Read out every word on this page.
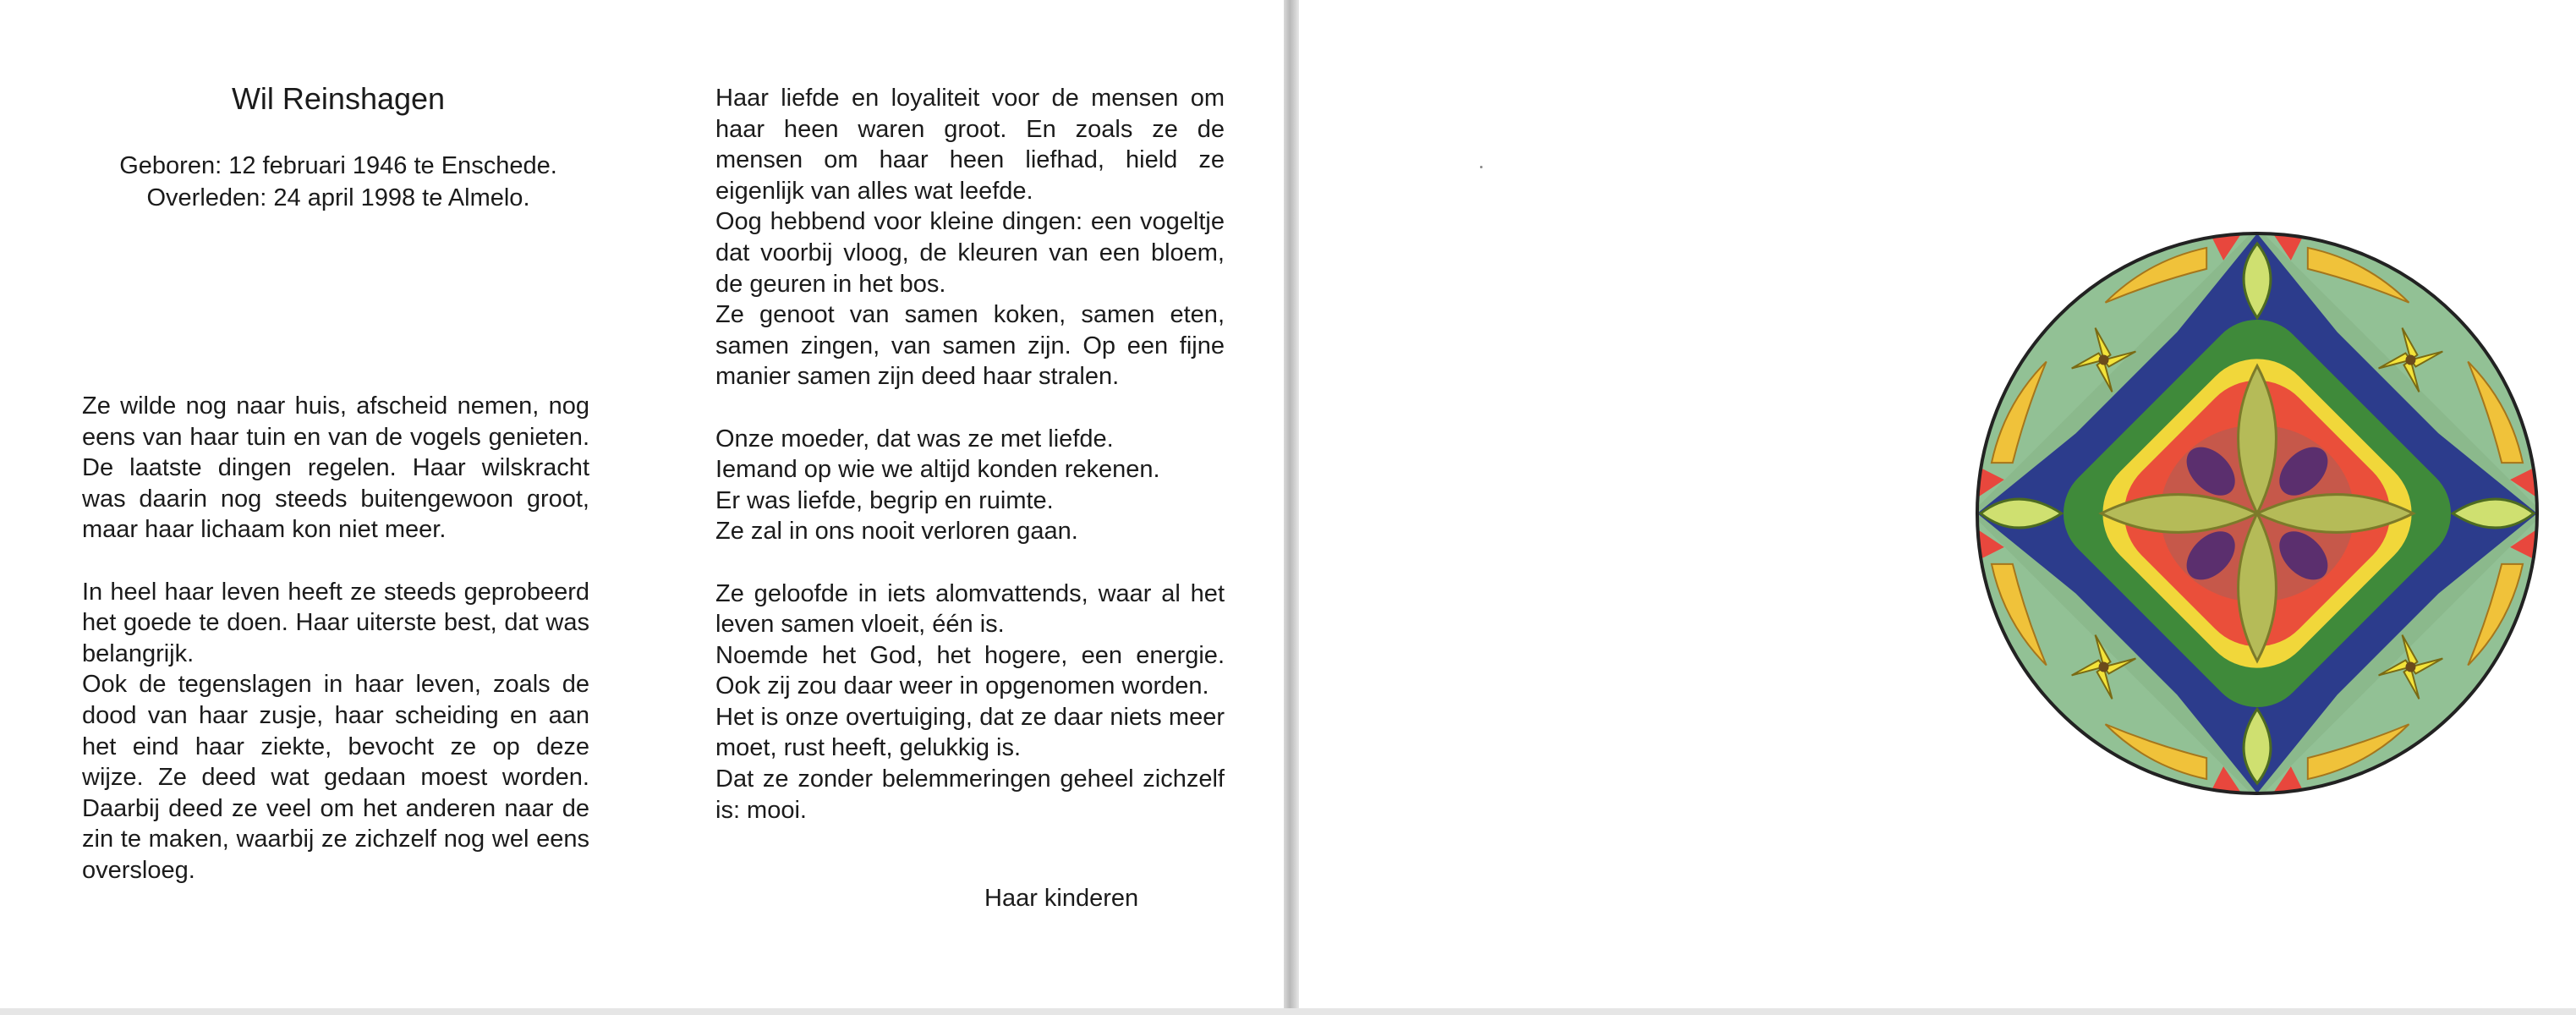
Wil Reinshagen
Geboren: 12 februari 1946 te Enschede.
Overleden: 24 april 1998 te Almelo.

Ze wilde nog naar huis, afscheid nemen, nog eens van haar tuin en van de vogels genieten. De laatste dingen regelen. Haar wilskracht was daarin nog steeds buitengewoon groot, maar haar lichaam kon niet meer.

In heel haar leven heeft ze steeds geprobeerd het goede te doen. Haar uiterste best, dat was belangrijk.

Ook de tegenslagen in haar leven, zoals de dood van haar zusje, haar scheiding en aan het eind haar ziekte, bevocht ze op deze wijze. Ze deed wat gedaan moest worden. Daarbij deed ze veel om het anderen naar de zin te maken, waarbij ze zichzelf nog wel eens oversloeg.

Haar liefde en loyaliteit voor de mensen om haar heen waren groot. En zoals ze de mensen om haar heen liefhad, hield ze eigenlijk van alles wat leefde.

Oog hebbend voor kleine dingen: een vogeltje dat voorbij vloog, de kleuren van een bloem, de geuren in het bos.

Ze genoot van samen koken, samen eten, samen zingen, van samen zijn. Op een fijne manier samen zijn deed haar stralen.

Onze moeder, dat was ze met liefde.

Iemand op wie we altijd konden rekenen.

Er was liefde, begrip en ruimte.

Ze zal in ons nooit verloren gaan.

Ze geloofde in iets alomvattends, waar al het leven samen vloeit, één is.

Noemde het God, het hogere, een energie. Ook zij zou daar weer in opgenomen worden.

Het is onze overtuiging, dat ze daar niets meer moet, rust heeft, gelukkig is.

Dat ze zonder belemmeringen geheel zichzelf is: mooi.

Haar kinderen
